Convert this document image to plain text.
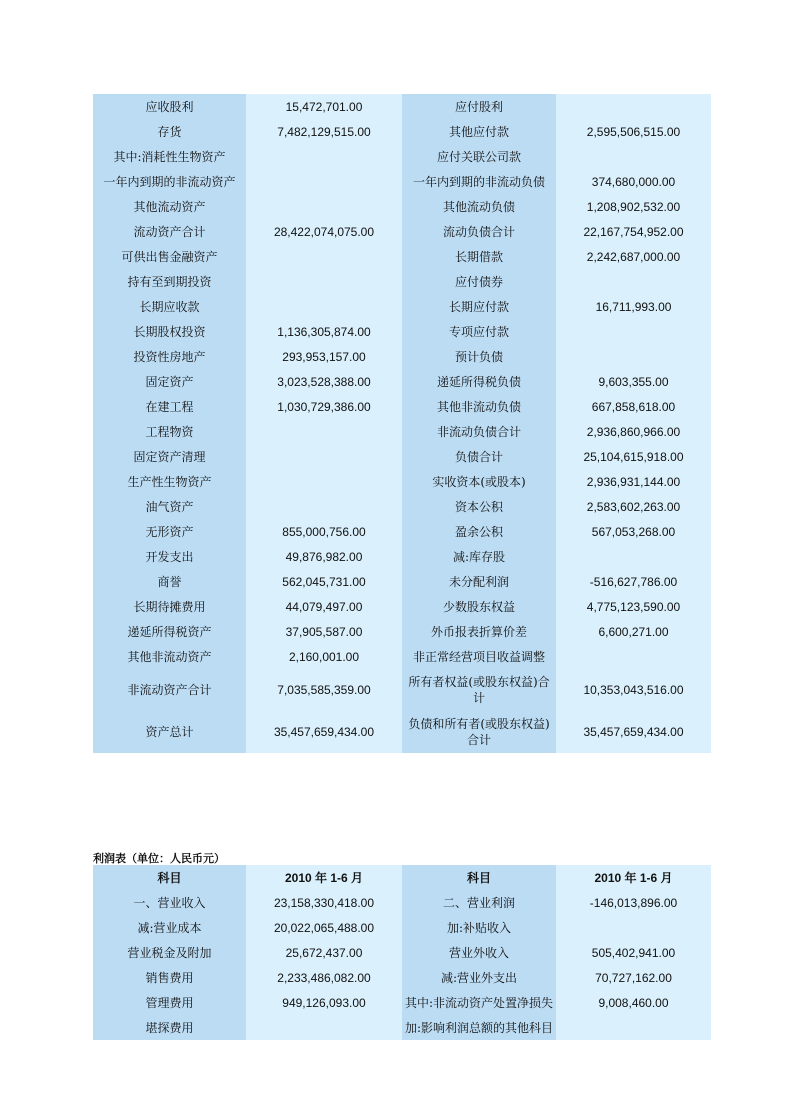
应收股利	15,472,701.00	应付股利	
存货	7,482,129,515.00	其他应付款	2,595,506,515.00
其中:消耗性生物资产		应付关联公司款	
一年内到期的非流动资产		一年内到期的非流动负债	374,680,000.00
其他流动资产		其他流动负债	1,208,902,532.00
流动资产合计	28,422,074,075.00	流动负债合计	22,167,754,952.00
可供出售金融资产		长期借款	2,242,687,000.00
持有至到期投资		应付债券	
长期应收款		长期应付款	16,711,993.00
长期股权投资	1,136,305,874.00	专项应付款	
投资性房地产	293,953,157.00	预计负债	
固定资产	3,023,528,388.00	递延所得税负债	9,603,355.00
在建工程	1,030,729,386.00	其他非流动负债	667,858,618.00
工程物资		非流动负债合计	2,936,860,966.00
固定资产清理		负债合计	25,104,615,918.00
生产性生物资产		实收资本(或股本)	2,936,931,144.00
油气资产		资本公积	2,583,602,263.00
无形资产	855,000,756.00	盈余公积	567,053,268.00
开发支出	49,876,982.00	减:库存股	
商誉	562,045,731.00	未分配利润	-516,627,786.00
长期待摊费用	44,079,497.00	少数股东权益	4,775,123,590.00
递延所得税资产	37,905,587.00	外币报表折算价差	6,600,271.00
其他非流动资产	2,160,001.00	非正常经营项目收益调整	
非流动资产合计	7,035,585,359.00	所有者权益(或股东权益)合计	10,353,043,516.00
资产总计	35,457,659,434.00	负债和所有者(或股东权益)合计	35,457,659,434.00
利润表（单位：人民币元）
科目	2010 年 1-6 月	科目	2010 年 1-6 月
一、营业收入	23,158,330,418.00	二、营业利润	-146,013,896.00
减:营业成本	20,022,065,488.00	加:补贴收入	
营业税金及附加	25,672,437.00	营业外收入	505,402,941.00
销售费用	2,233,486,082.00	减:营业外支出	70,727,162.00
管理费用	949,126,093.00	其中:非流动资产处置净损失	9,008,460.00
堪探费用		加:影响利润总额的其他科目	
